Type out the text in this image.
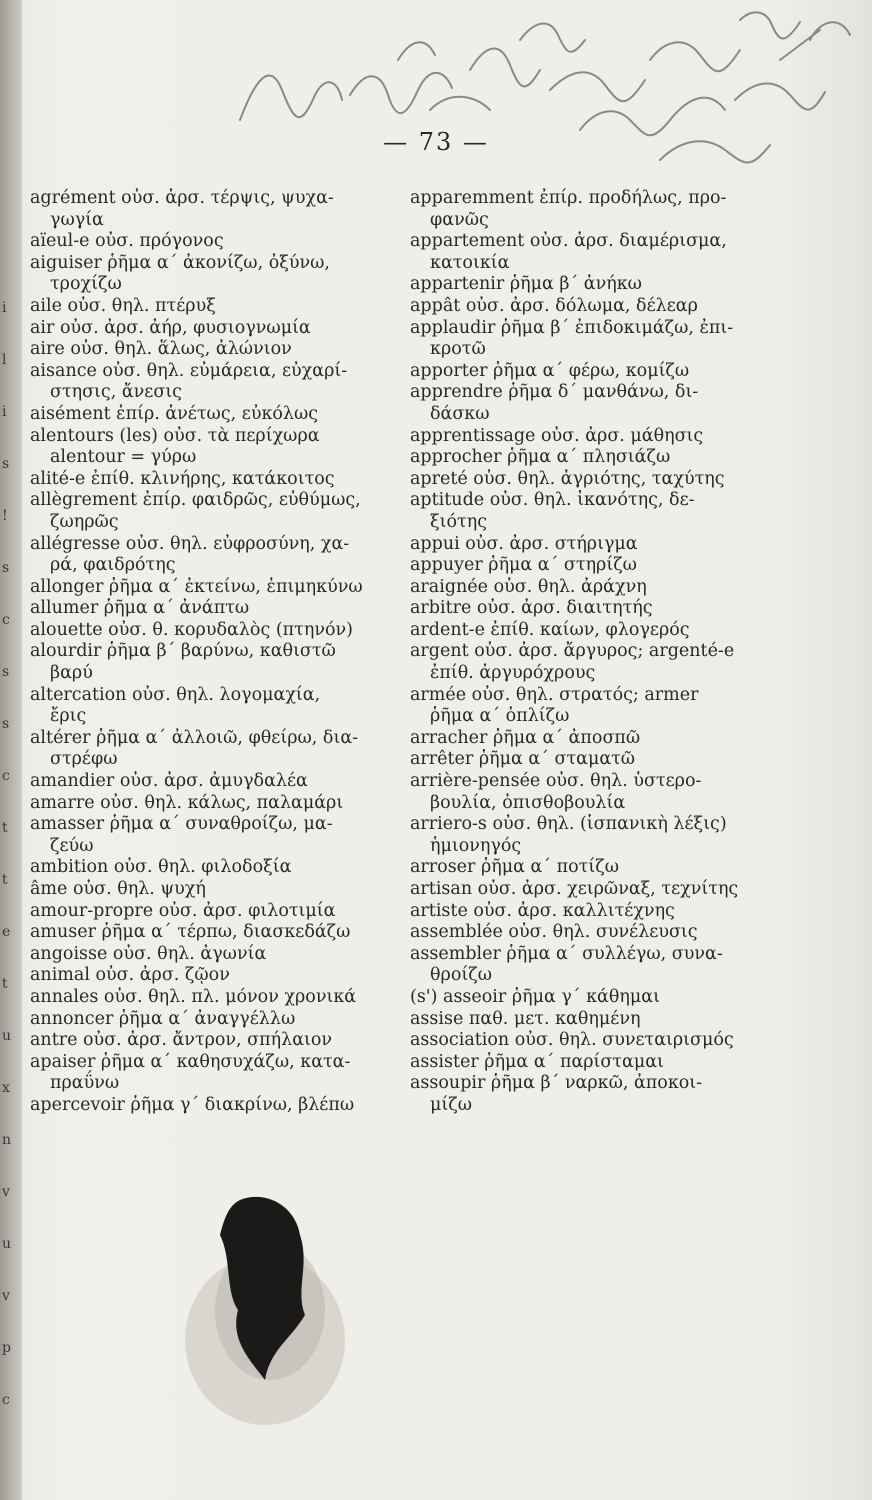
i
l
i
s
!
s
c
s
s
c
t
t
e
t
u
x
n
v
u
v
p
c
— 73 —
agrément οὐσ. ἀρσ. τέρψις, ψυχα-
γωγία
aïeul-e οὐσ. πρόγονος
aiguiser ῥῆμα α΄ ἀκονίζω, ὀξύνω,
τροχίζω
aile οὐσ. θηλ. πτέρυξ
air οὐσ. ἀρσ. ἀήρ, φυσιογνωμία
aire οὐσ. θηλ. ἅλως, ἀλώνιον
aisance οὐσ. θηλ. εὐμάρεια, εὐχαρί-
στησις, ἄνεσις
aisément ἐπίρ. ἀνέτως, εὐκόλως
alentours (les) οὐσ. τὰ περίχωρα
alentour = γύρω
alité-e ἐπίθ. κλινήρης, κατάκοιτος
allègrement ἐπίρ. φαιδρῶς, εὐθύμως,
ζωηρῶς
allégresse οὐσ. θηλ. εὐφροσύνη, χα-
ρά, φαιδρότης
allonger ῥῆμα α΄ ἐκτείνω, ἐπιμηκύνω
allumer ῥῆμα α΄ ἀνάπτω
alouette οὐσ. θ. κορυδαλὸς (πτηνόν)
alourdir ῥῆμα β΄ βαρύνω, καθιστῶ
βαρύ
altercation οὐσ. θηλ. λογομαχία,
ἔρις
altérer ῥῆμα α΄ ἀλλοιῶ, φθείρω, δια-
στρέφω
amandier οὐσ. ἀρσ. ἀμυγδαλέα
amarre οὐσ. θηλ. κάλως, παλαμάρι
amasser ῥῆμα α΄ συναθροίζω, μα-
ζεύω
ambition οὐσ. θηλ. φιλοδοξία
âme οὐσ. θηλ. ψυχή
amour-propre οὐσ. ἀρσ. φιλοτιμία
amuser ῥῆμα α΄ τέρπω, διασκεδάζω
angoisse οὐσ. θηλ. ἀγωνία
animal οὐσ. ἀρσ. ζῷον
annales οὐσ. θηλ. πλ. μόνον χρονικά
annoncer ῥῆμα α΄ ἀναγγέλλω
antre οὐσ. ἀρσ. ἄντρον, σπήλαιον
apaiser ῥῆμα α΄ καθησυχάζω, κατα-
πραΰνω
apercevoir ῥῆμα γ΄ διακρίνω, βλέπω
apparemment ἐπίρ. προδήλως, προ-
φανῶς
appartement οὐσ. ἀρσ. διαμέρισμα,
κατοικία
appartenir ῥῆμα β΄ ἀνήκω
appât οὐσ. ἀρσ. δόλωμα, δέλεαρ
applaudir ῥῆμα β΄ ἐπιδοκιμάζω, ἐπι-
κροτῶ
apporter ῥῆμα α΄ φέρω, κομίζω
apprendre ῥῆμα δ΄ μανθάνω, δι-
δάσκω
apprentissage οὐσ. ἀρσ. μάθησις
approcher ῥῆμα α΄ πλησιάζω
apreté οὐσ. θηλ. ἀγριότης, ταχύτης
aptitude οὐσ. θηλ. ἱκανότης, δε-
ξιότης
appui οὐσ. ἀρσ. στήριγμα
appuyer ῥῆμα α΄ στηρίζω
araignée οὐσ. θηλ. ἀράχνη
arbitre οὐσ. ἀρσ. διαιτητής
ardent-e ἐπίθ. καίων, φλογερός
argent οὐσ. ἀρσ. ἄργυρος; argenté-e
ἐπίθ. ἀργυρόχρους
armée οὐσ. θηλ. στρατός; armer
ῥῆμα α΄ ὁπλίζω
arracher ῥῆμα α΄ ἀποσπῶ
arrêter ῥῆμα α΄ σταματῶ
arrière-pensée οὐσ. θηλ. ὑστερο-
βουλία, ὀπισθοβουλία
arriero-s οὐσ. θηλ. (ἱσπανικὴ λέξις)
ἡμιονηγός
arroser ῥῆμα α΄ ποτίζω
artisan οὐσ. ἀρσ. χειρῶναξ, τεχνίτης
artiste οὐσ. ἀρσ. καλλιτέχνης
assemblée οὐσ. θηλ. συνέλευσις
assembler ῥῆμα α΄ συλλέγω, συνα-
θροίζω
(s') asseoir ῥῆμα γ΄ κάθημαι
assise παθ. μετ. καθημένη
association οὐσ. θηλ. συνεταιρισμός
assister ῥῆμα α΄ παρίσταμαι
assoupir ῥῆμα β΄ ναρκῶ, ἀποκοι-
μίζω
